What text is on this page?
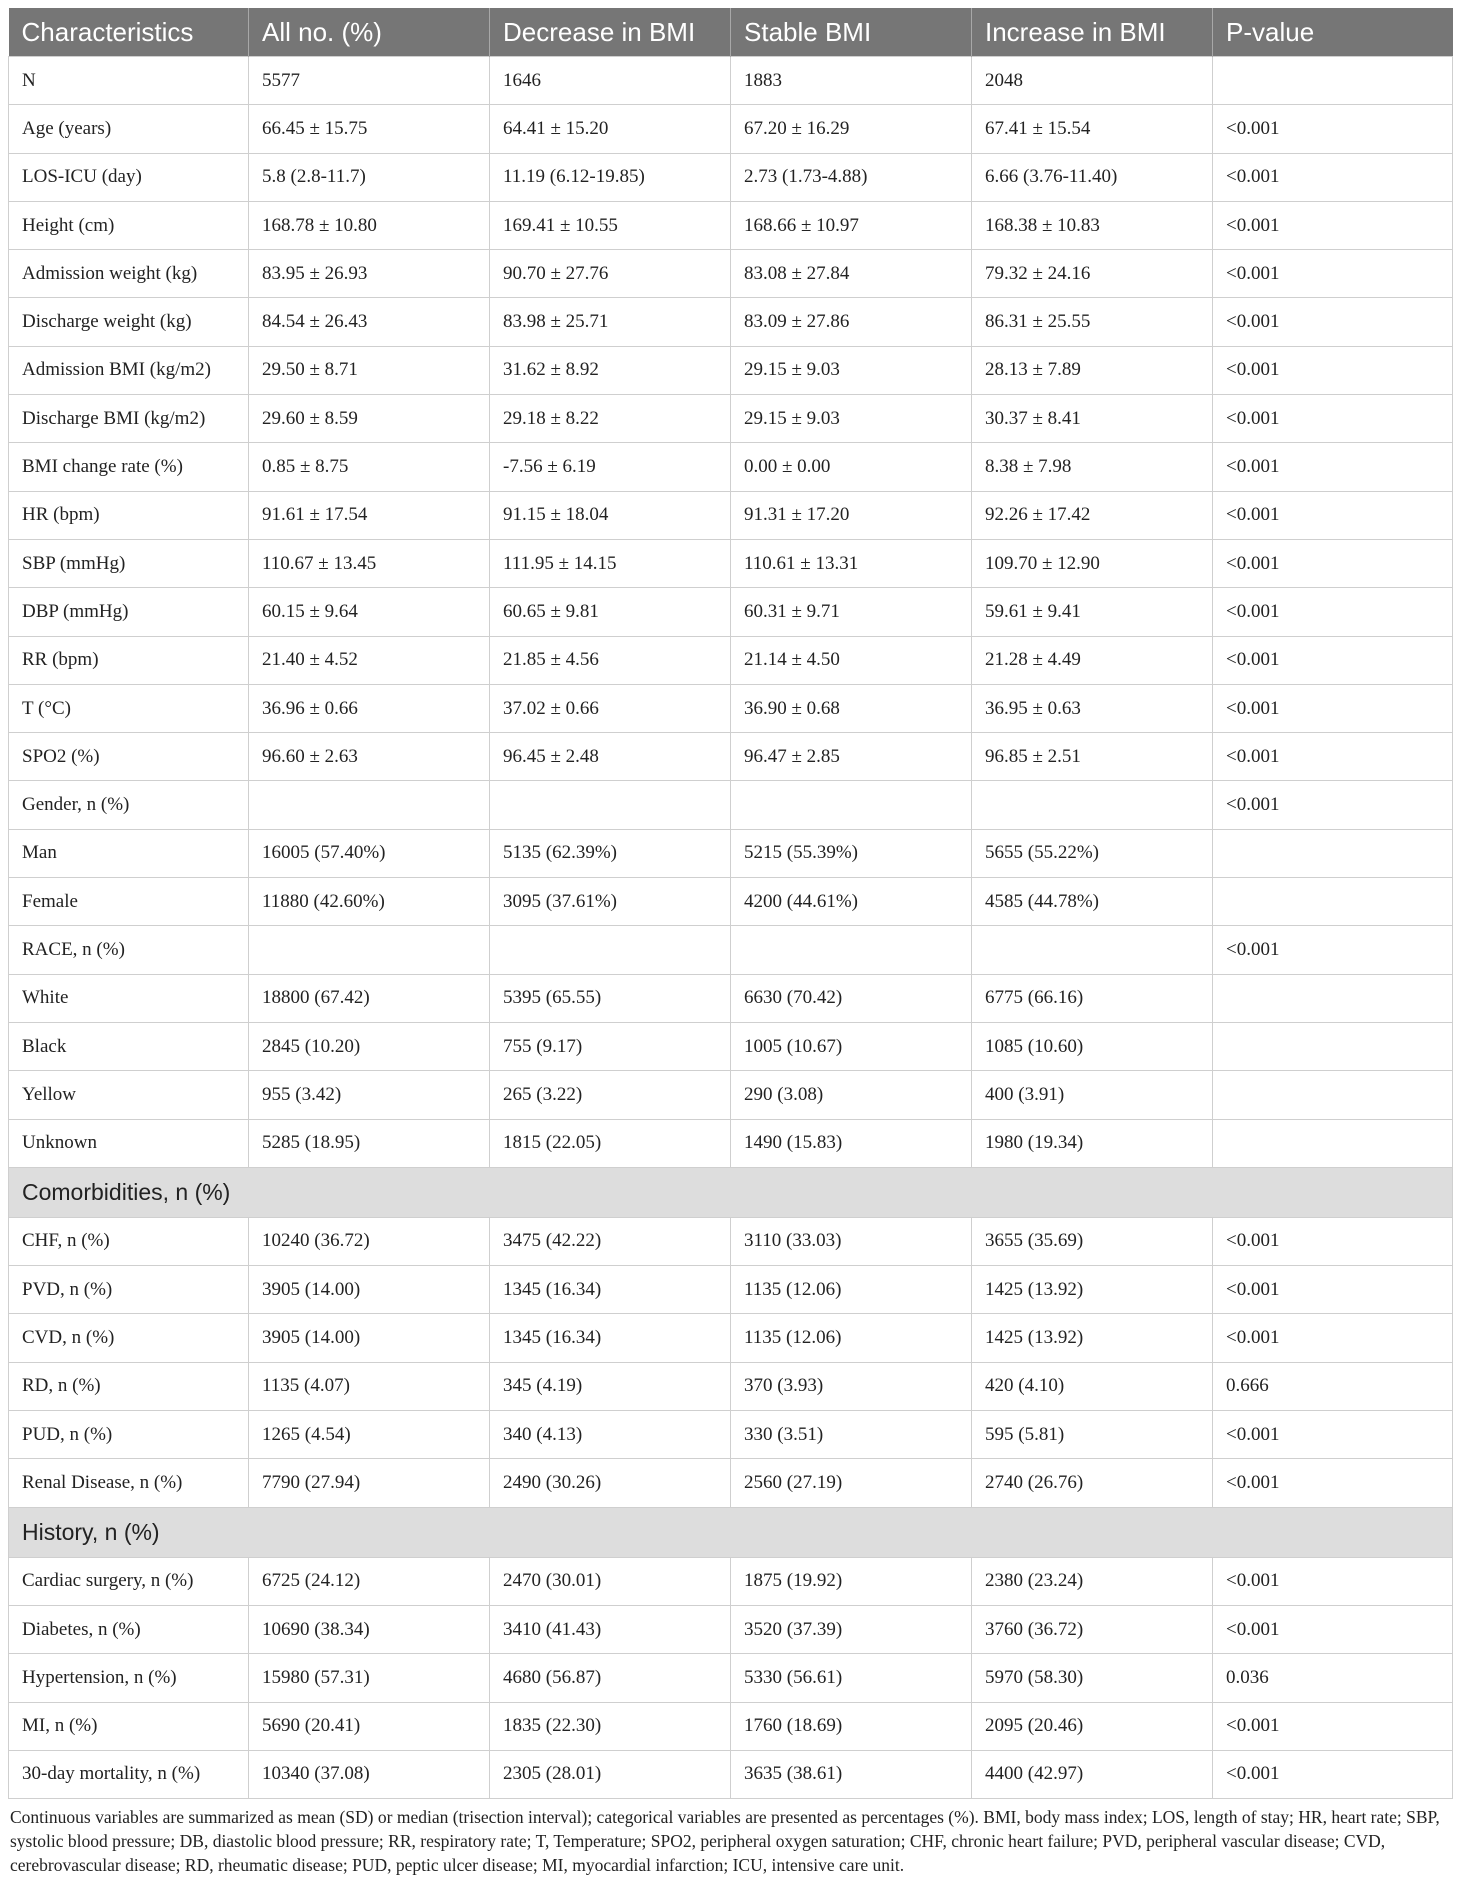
Characteristics	All no. (%)	Decrease in BMI	Stable BMI	Increase in BMI	P-value
N	5577	1646	1883	2048	
Age (years)	66.45 ± 15.75	64.41 ± 15.20	67.20 ± 16.29	67.41 ± 15.54	<0.001
LOS-ICU (day)	5.8 (2.8-11.7)	11.19 (6.12-19.85)	2.73 (1.73-4.88)	6.66 (3.76-11.40)	<0.001
Height (cm)	168.78 ± 10.80	169.41 ± 10.55	168.66 ± 10.97	168.38 ± 10.83	<0.001
Admission weight (kg)	83.95 ± 26.93	90.70 ± 27.76	83.08 ± 27.84	79.32 ± 24.16	<0.001
Discharge weight (kg)	84.54 ± 26.43	83.98 ± 25.71	83.09 ± 27.86	86.31 ± 25.55	<0.001
Admission BMI (kg/m2)	29.50 ± 8.71	31.62 ± 8.92	29.15 ± 9.03	28.13 ± 7.89	<0.001
Discharge BMI (kg/m2)	29.60 ± 8.59	29.18 ± 8.22	29.15 ± 9.03	30.37 ± 8.41	<0.001
BMI change rate (%)	0.85 ± 8.75	-7.56 ± 6.19	0.00 ± 0.00	8.38 ± 7.98	<0.001
HR (bpm)	91.61 ± 17.54	91.15 ± 18.04	91.31 ± 17.20	92.26 ± 17.42	<0.001
SBP (mmHg)	110.67 ± 13.45	111.95 ± 14.15	110.61 ± 13.31	109.70 ± 12.90	<0.001
DBP (mmHg)	60.15 ± 9.64	60.65 ± 9.81	60.31 ± 9.71	59.61 ± 9.41	<0.001
RR (bpm)	21.40 ± 4.52	21.85 ± 4.56	21.14 ± 4.50	21.28 ± 4.49	<0.001
T (°C)	36.96 ± 0.66	37.02 ± 0.66	36.90 ± 0.68	36.95 ± 0.63	<0.001
SPO2 (%)	96.60 ± 2.63	96.45 ± 2.48	96.47 ± 2.85	96.85 ± 2.51	<0.001
Gender, n (%)					<0.001
Man	16005 (57.40%)	5135 (62.39%)	5215 (55.39%)	5655 (55.22%)	
Female	11880 (42.60%)	3095 (37.61%)	4200 (44.61%)	4585 (44.78%)	
RACE, n (%)					<0.001
White	18800 (67.42)	5395 (65.55)	6630 (70.42)	6775 (66.16)	
Black	2845 (10.20)	755 (9.17)	1005 (10.67)	1085 (10.60)	
Yellow	955 (3.42)	265 (3.22)	290 (3.08)	400 (3.91)	
Unknown	5285 (18.95)	1815 (22.05)	1490 (15.83)	1980 (19.34)	
Comorbidities, n (%)					
CHF, n (%)	10240 (36.72)	3475 (42.22)	3110 (33.03)	3655 (35.69)	<0.001
PVD, n (%)	3905 (14.00)	1345 (16.34)	1135 (12.06)	1425 (13.92)	<0.001
CVD, n (%)	3905 (14.00)	1345 (16.34)	1135 (12.06)	1425 (13.92)	<0.001
RD, n (%)	1135 (4.07)	345 (4.19)	370 (3.93)	420 (4.10)	0.666
PUD, n (%)	1265 (4.54)	340 (4.13)	330 (3.51)	595 (5.81)	<0.001
Renal Disease, n (%)	7790 (27.94)	2490 (30.26)	2560 (27.19)	2740 (26.76)	<0.001
History, n (%)					
Cardiac surgery, n (%)	6725 (24.12)	2470 (30.01)	1875 (19.92)	2380 (23.24)	<0.001
Diabetes, n (%)	10690 (38.34)	3410 (41.43)	3520 (37.39)	3760 (36.72)	<0.001
Hypertension, n (%)	15980 (57.31)	4680 (56.87)	5330 (56.61)	5970 (58.30)	0.036
MI, n (%)	5690 (20.41)	1835 (22.30)	1760 (18.69)	2095 (20.46)	<0.001
30-day mortality, n (%)	10340 (37.08)	2305 (28.01)	3635 (38.61)	4400 (42.97)	<0.001
Continuous variables are summarized as mean (SD) or median (trisection interval); categorical variables are presented as percentages (%). BMI, body mass index; LOS, length of stay; HR, heart rate; SBP, systolic blood pressure; DB, diastolic blood pressure; RR, respiratory rate; T, Temperature; SPO2, peripheral oxygen saturation; CHF, chronic heart failure; PVD, peripheral vascular disease; CVD, cerebrovascular disease; RD, rheumatic disease; PUD, peptic ulcer disease; MI, myocardial infarction; ICU, intensive care unit.
